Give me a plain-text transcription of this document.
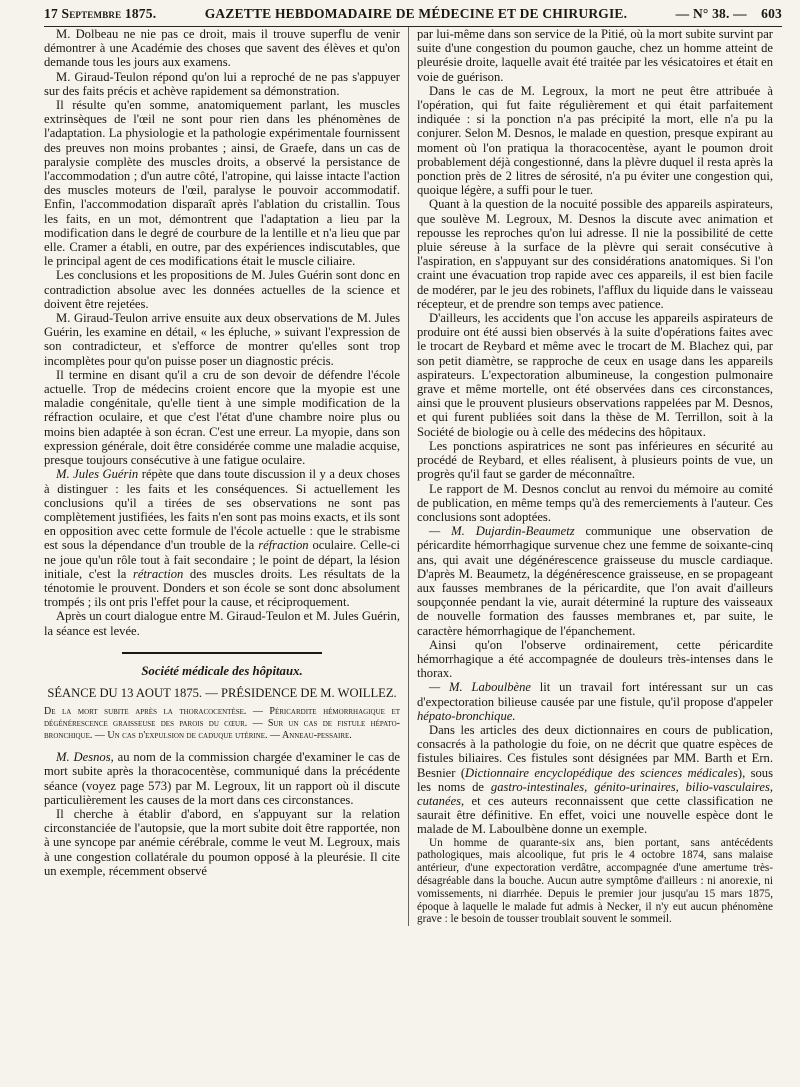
17 Septembre 1875.	GAZETTE HEBDOMADAIRE DE MÉDECINE ET DE CHIRURGIE.	— N° 38. — 603

M. Dolbeau ne nie pas ce droit, mais il trouve superflu de venir démontrer à une Académie des choses que savent des élèves et qu'on demande tous les jours aux examens.

M. Giraud-Teulon répond qu'on lui a reproché de ne pas s'appuyer sur des faits précis et achève rapidement sa démonstration.

Il résulte qu'en somme, anatomiquement parlant, les muscles extrinsèques de l'œil ne sont pour rien dans les phénomènes de l'adaptation. La physiologie et la pathologie expérimentale fournissent des preuves non moins probantes ; ainsi, de Graefe, dans un cas de paralysie complète des muscles droits, a observé la persistance de l'accommodation ; d'un autre côté, l'atropine, qui laisse intacte l'action des muscles moteurs de l'œil, paralyse le pouvoir accommodatif. Enfin, l'accommodation disparaît après l'ablation du cristallin. Tous les faits, en un mot, démontrent que l'adaptation a lieu par la modification dans le degré de courbure de la lentille et n'a lieu que par elle. Cramer a établi, en outre, par des expériences indiscutables, que le principal agent de ces modifications était le muscle ciliaire.

Les conclusions et les propositions de M. Jules Guérin sont donc en contradiction absolue avec les données actuelles de la science et doivent être rejetées.

M. Giraud-Teulon arrive ensuite aux deux observations de M. Jules Guérin, les examine en détail, « les épluche, » suivant l'expression de son contradicteur, et s'efforce de montrer qu'elles sont trop incomplètes pour qu'on puisse poser un diagnostic précis.

Il termine en disant qu'il a cru de son devoir de défendre l'école actuelle. Trop de médecins croient encore que la myopie est une maladie congénitale, qu'elle tient à une simple modification de la réfraction oculaire, et que c'est l'état d'une chambre noire plus ou moins bien adaptée à son écran. C'est une erreur. La myopie, dans son expression générale, doit être considérée comme une maladie acquise, presque toujours consécutive à une fatigue oculaire.

M. Jules Guérin répète que dans toute discussion il y a deux choses à distinguer : les faits et les conséquences. Si actuellement les conclusions qu'il a tirées de ses observations ne sont pas complètement justifiées, les faits n'en sont pas moins exacts, et ils sont en opposition avec cette formule de l'école actuelle : que le strabisme est sous la dépendance d'un trouble de la réfraction oculaire. Celle-ci ne joue qu'un rôle tout à fait secondaire ; le point de départ, la lésion initiale, c'est la rétraction des muscles droits. Les résultats de la ténotomie le prouvent. Donders et son école se sont donc absolument trompés ; ils ont pris l'effet pour la cause, et réciproquement.

Après un court dialogue entre M. Giraud-Teulon et M. Jules Guérin, la séance est levée.

Société médicale des hôpitaux.
SÉANCE DU 13 AOUT 1875. — PRÉSIDENCE DE M. WOILLEZ.
De la mort subite après la thoracocentèse. — Péricardite hémorrhagique et dégénérescence graisseuse des parois du cœur. — Sur un cas de fistule hépato-bronchique. — Un cas d'expulsion de caduque utérine. — Anneau-pessaire.

M. Desnos, au nom de la commission chargée d'examiner le cas de mort subite après la thoracocentèse, communiqué dans la précédente séance (voyez page 573) par M. Legroux, lit un rapport où il discute particulièrement les causes de la mort dans ces circonstances.

Il cherche à établir d'abord, en s'appuyant sur la relation circonstanciée de l'autopsie, que la mort subite doit être rapportée, non à une syncope par anémie cérébrale, comme le veut M. Legroux, mais à une congestion collatérale du poumon opposé à la pleurésie. Il cite un exemple, récemment observé

par lui-même dans son service de la Pitié, où la mort subite survint par suite d'une congestion du poumon gauche, chez un homme atteint de pleurésie droite, laquelle avait été traitée par les vésicatoires et était en voie de guérison.

Dans le cas de M. Legroux, la mort ne peut être attribuée à l'opération, qui fut faite régulièrement et qui était parfaitement indiquée : si la ponction n'a pas précipité la mort, elle n'a pu la conjurer. Selon M. Desnos, le malade en question, presque expirant au moment où l'on pratiqua la thoracocentèse, ayant le poumon droit probablement déjà congestionné, dans la plèvre duquel il resta après la ponction près de 2 litres de sérosité, n'a pu éviter une congestion qui, quoique légère, a suffi pour le tuer.

Quant à la question de la nocuité possible des appareils aspirateurs, que soulève M. Legroux, M. Desnos la discute avec animation et repousse les reproches qu'on lui adresse. Il nie la possibilité de cette pluie séreuse à la surface de la plèvre qui serait consécutive à l'aspiration, en s'appuyant sur des considérations anatomiques. Si l'on craint une évacuation trop rapide avec ces appareils, il est bien facile de modérer, par le jeu des robinets, l'afflux du liquide dans le vaisseau récepteur, et de prendre son temps avec patience.

D'ailleurs, les accidents que l'on accuse les appareils aspirateurs de produire ont été aussi bien observés à la suite d'opérations faites avec le trocart de Reybard et même avec le trocart de M. Blachez qui, par son petit diamètre, se rapproche de ceux en usage dans les appareils aspirateurs. L'expectoration albumineuse, la congestion pulmonaire grave et même mortelle, ont été observées dans ces circonstances, ainsi que le prouvent plusieurs observations rappelées par M. Desnos, et qui furent publiées soit dans la thèse de M. Terrillon, soit à la Société de biologie ou à celle des médecins des hôpitaux.

Les ponctions aspiratrices ne sont pas inférieures en sécurité au procédé de Reybard, et elles réalisent, à plusieurs points de vue, un progrès qu'il faut se garder de méconnaître.

Le rapport de M. Desnos conclut au renvoi du mémoire au comité de publication, en même temps qu'à des remerciements à l'auteur. Ces conclusions sont adoptées.

— M. Dujardin-Beaumetz communique une observation de péricardite hémorrhagique survenue chez une femme de soixante-cinq ans, qui avait une dégénérescence graisseuse du muscle cardiaque. D'après M. Beaumetz, la dégénérescence graisseuse, en se propageant aux fausses membranes de la péricardite, que l'on avait d'ailleurs soupçonnée pendant la vie, aurait déterminé la rupture des vaisseaux de nouvelle formation des fausses membranes et, par suite, le caractère hémorrhagique de l'épanchement.

Ainsi qu'on l'observe ordinairement, cette péricardite hémorrhagique a été accompagnée de douleurs très-intenses dans le thorax.

— M. Laboulbène lit un travail fort intéressant sur un cas d'expectoration bilieuse causée par une fistule, qu'il propose d'appeler hépato-bronchique.

Dans les articles des deux dictionnaires en cours de publication, consacrés à la pathologie du foie, on ne décrit que quatre espèces de fistules biliaires. Ces fistules sont désignées par MM. Barth et Ern. Besnier (Dictionnaire encyclopédique des sciences médicales), sous les noms de gastro-intestinales, génito-urinaires, bilio-vasculaires, cutanées, et ces auteurs reconnaissent que cette classification ne saurait être définitive. En effet, voici une nouvelle espèce dont le malade de M. Laboulbène donne un exemple.

Un homme de quarante-six ans, bien portant, sans antécédents pathologiques, mais alcoolique, fut pris le 4 octobre 1874, sans malaise antérieur, d'une expectoration verdâtre, accompagnée d'une amertume très-désagréable dans la bouche. Aucun autre symptôme d'ailleurs : ni anorexie, ni vomissements, ni diarrhée. Depuis le premier jour jusqu'au 15 mars 1875, époque à laquelle le malade fut admis à Necker, il n'y eut aucun phénomène grave : le besoin de tousser troublait souvent le sommeil.
